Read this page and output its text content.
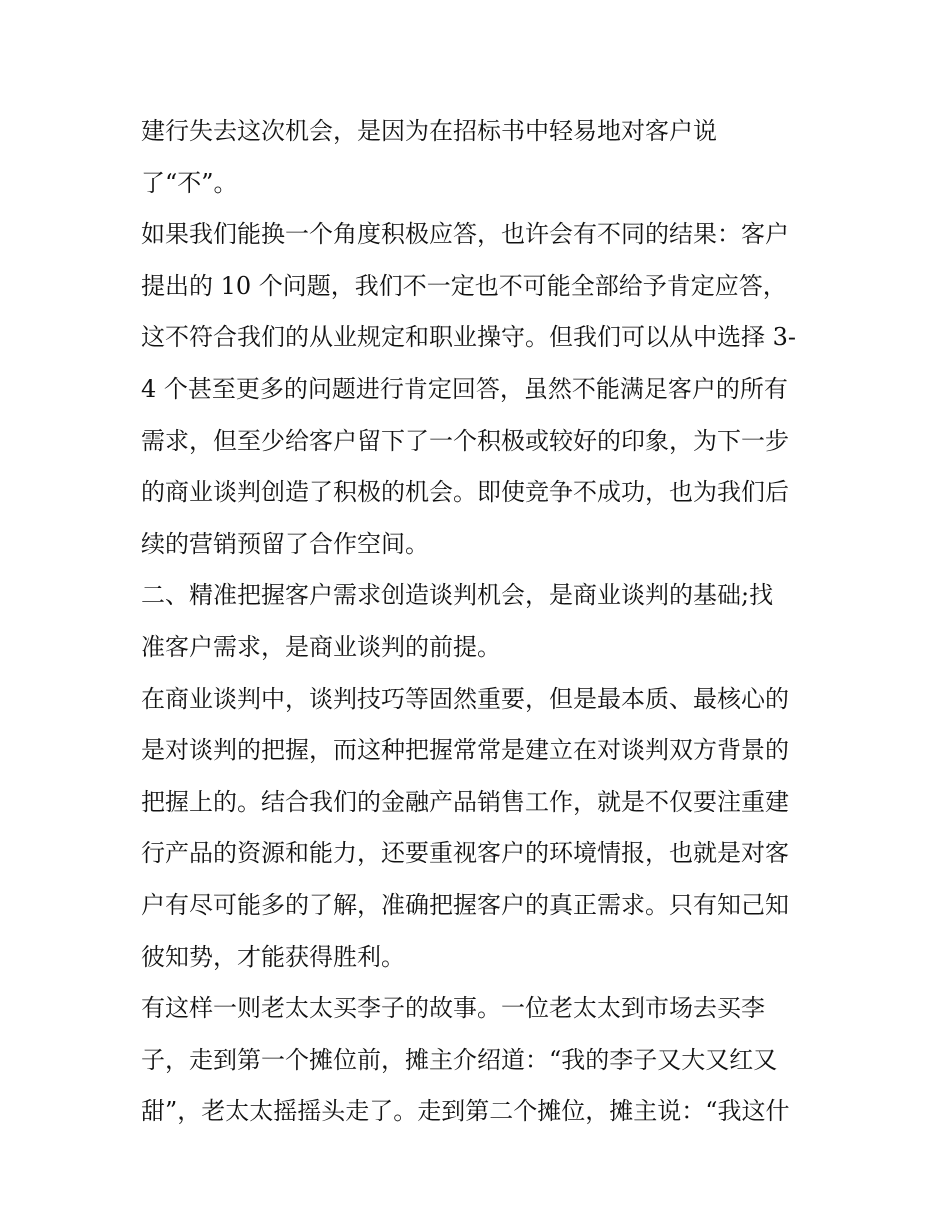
建行失去这次机会，是因为在招标书中轻易地对客户说

了“不”。

如果我们能换一个角度积极应答，也许会有不同的结果：客户

提出的 10 个问题，我们不一定也不可能全部给予肯定应答，

这不符合我们的从业规定和职业操守。但我们可以从中选择 3-

4 个甚至更多的问题进行肯定回答，虽然不能满足客户的所有

需求，但至少给客户留下了一个积极或较好的印象，为下一步

的商业谈判创造了积极的机会。即使竞争不成功，也为我们后

续的营销预留了合作空间。

二、精准把握客户需求创造谈判机会，是商业谈判的基础;找

准客户需求，是商业谈判的前提。

在商业谈判中，谈判技巧等固然重要，但是最本质、最核心的

是对谈判的把握，而这种把握常常是建立在对谈判双方背景的

把握上的。结合我们的金融产品销售工作，就是不仅要注重建

行产品的资源和能力，还要重视客户的环境情报，也就是对客

户有尽可能多的了解，准确把握客户的真正需求。只有知己知

彼知势，才能获得胜利。

有这样一则老太太买李子的故事。一位老太太到市场去买李

子，走到第一个摊位前，摊主介绍道：“我的李子又大又红又

甜”，老太太摇摇头走了。走到第二个摊位，摊主说：“我这什
